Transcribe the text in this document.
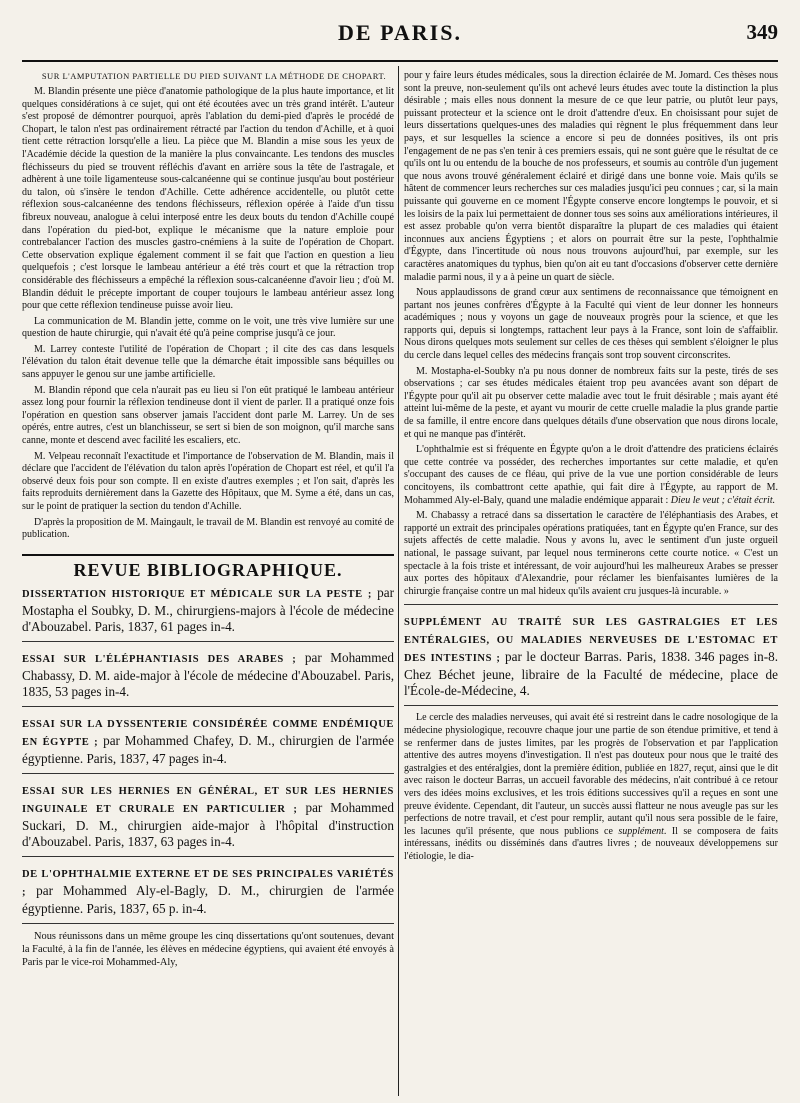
DE PARIS.	349

SUR L'AMPUTATION PARTIELLE DU PIED SUIVANT LA MÉTHODE DE CHOPART.

M. Blandin présente une pièce d'anatomie pathologique de la plus haute importance, et lit quelques considérations à ce sujet, qui ont été écoutées avec un très grand intérêt. L'auteur s'est proposé de démontrer pourquoi, après l'ablation du demi-pied d'après le procédé de Chopart, le talon n'est pas ordinairement rétracté par l'action du tendon d'Achille, et à quoi tient cette rétraction lorsqu'elle a lieu. La pièce que M. Blandin a mise sous les yeux de l'Académie décide la question de la manière la plus convaincante. Les tendons des muscles fléchisseurs du pied se trouvent réfléchis d'avant en arrière sous la tête de l'astragale, et adhèrent à une toile ligamenteuse sous-calcanéenne qui se continue jusqu'au bout postérieur du talon, où s'insère le tendon d'Achille. Cette adhérence accidentelle, ou plutôt cette réflexion sous-calcanéenne des tendons fléchisseurs, réflexion opérée à l'aide d'un tissu fibreux nouveau, analogue à celui interposé entre les deux bouts du tendon d'Achille coupé dans l'opération du pied-bot, explique le mécanisme que la nature emploie pour contrebalancer l'action des muscles gastro-cnémiens à la suite de l'opération de Chopart. Cette observation explique également comment il se fait que l'action en question a lieu quelquefois ; c'est lorsque le lambeau antérieur a été très court et que la rétraction trop considérable des fléchisseurs a empêché la réflexion sous-calcanéenne d'avoir lieu ; d'où M. Blandin déduit le précepte important de couper toujours le lambeau antérieur assez long pour que cette réflexion tendineuse puisse avoir lieu.

La communication de M. Blandin jette, comme on le voit, une très vive lumière sur une question de haute chirurgie, qui n'avait été qu'à peine comprise jusqu'à ce jour.

M. Larrey conteste l'utilité de l'opération de Chopart ; il cite des cas dans lesquels l'élévation du talon était devenue telle que la démarche était impossible sans béquilles ou sans appuyer le genou sur une jambe artificielle.

M. Blandin répond que cela n'aurait pas eu lieu si l'on eût pratiqué le lambeau antérieur assez long pour fournir la réflexion tendineuse dont il vient de parler. Il a pratiqué onze fois l'opération en question sans observer jamais l'accident dont parle M. Larrey. Un de ses opérés, entre autres, c'est un blanchisseur, se sert si bien de son moignon, qu'il marche sans canne, monte et descend avec facilité les escaliers, etc.

M. Velpeau reconnaît l'exactitude et l'importance de l'observation de M. Blandin, mais il déclare que l'accident de l'élévation du talon après l'opération de Chopart est réel, et qu'il l'a observé deux fois pour son compte. Il en existe d'autres exemples ; et l'on sait, d'après les faits reproduits dernièrement dans la Gazette des Hôpitaux, que M. Syme a été, dans un cas, sur le point de pratiquer la section du tendon d'Achille.

D'après la proposition de M. Maingault, le travail de M. Blandin est renvoyé au comité de publication.

REVUE BIBLIOGRAPHIQUE.
DISSERTATION HISTORIQUE ET MÉDICALE SUR LA PESTE ; par Mostapha el Soubky, D. M., chirurgiens-majors à l'école de médecine d'Abouzabel. Paris, 1837, 61 pages in-4.
ESSAI SUR L'ÉLÉPHANTIASIS DES ARABES ; par Mohammed Chabassy, D. M. aide-major à l'école de médecine d'Abouzabel. Paris, 1835, 53 pages in-4.
ESSAI SUR LA DYSSENTERIE CONSIDÉRÉE COMME ENDÉMIQUE EN ÉGYPTE ; par Mohammed Chafey, D. M., chirurgien de l'armée égyptienne. Paris, 1837, 47 pages in-4.
ESSAI SUR LES HERNIES EN GÉNÉRAL, ET SUR LES HERNIES INGUINALE ET CRURALE EN PARTICULIER ; par Mohammed Suckari, D. M., chirurgien aide-major à l'hôpital d'instruction d'Abouzabel. Paris, 1837, 63 pages in-4.
DE L'OPHTHALMIE EXTERNE ET DE SES PRINCIPALES VARIÉTÉS ; par Mohammed Aly-el-Bagly, D. M., chirurgien de l'armée égyptienne. Paris, 1837, 65 p. in-4.

Nous réunissons dans un même groupe les cinq dissertations qu'ont soutenues, devant la Faculté, à la fin de l'année, les élèves en médecine égyptiens, qui avaient été envoyés à Paris par le vice-roi Mohammed-Aly,

pour y faire leurs études médicales, sous la direction éclairée de M. Jomard. Ces thèses nous sont la preuve, non-seulement qu'ils ont achevé leurs études avec toute la distinction la plus désirable ; mais elles nous donnent la mesure de ce que leur patrie, ou plutôt leur pays, puissant protecteur et la science ont le droit d'attendre d'eux. En choisissant pour sujet de leurs dissertations quelques-unes des maladies qui règnent le plus fréquemment dans leur pays, et sur lesquelles la science a encore si peu de données positives, ils ont pris l'engagement de ne pas s'en tenir à ces premiers essais, qui ne sont guère que le résultat de ce qu'ils ont lu ou entendu de la bouche de nos professeurs, et soumis au contrôle d'un jugement que nous avons trouvé généralement éclairé et dirigé dans une bonne voie. Mais qu'ils se hâtent de commencer leurs recherches sur ces maladies jusqu'ici peu connues ; car, si la main puissante qui gouverne en ce moment l'Égypte conserve encore longtemps le pouvoir, et si les loisirs de la paix lui permettaient de donner tous ses soins aux améliorations intérieures, il est assez probable qu'on verra bientôt disparaître la plupart de ces maladies qui étaient inconnues aux anciens Égyptiens ; et alors on pourrait être sur la peste, l'ophthalmie d'Égypte, dans l'incertitude où nous nous trouvons aujourd'hui, par exemple, sur les caractères anatomiques du typhus, bien qu'on ait eu tant d'occasions d'observer cette dernière maladie parmi nous, il y a à peine un quart de siècle.

Nous applaudissons de grand cœur aux sentimens de reconnaissance que témoignent en partant nos jeunes confrères d'Égypte à la Faculté qui vient de leur donner les honneurs académiques ; nous y voyons un gage de nouveaux progrès pour la science, et que les rapports qui, depuis si longtemps, rattachent leur pays à la France, sont loin de s'affaiblir. Nous dirons quelques mots seulement sur celles de ces thèses qui semblent s'éloigner le plus du cercle dans lequel celles des médecins français sont trop souvent circonscrites.

M. Mostapha-el-Soubky n'a pu nous donner de nombreux faits sur la peste, tirés de ses observations ; car ses études médicales étaient trop peu avancées avant son départ de l'Égypte pour qu'il ait pu observer cette maladie avec tout le fruit désirable ; mais ayant été atteint lui-même de la peste, et ayant vu mourir de cette cruelle maladie la plus grande partie de sa famille, il entre encore dans quelques détails d'une observation que nous dirons locale, et qui ne manque pas d'intérêt.

L'ophthalmie est si fréquente en Égypte qu'on a le droit d'attendre des praticiens éclairés que cette contrée va posséder, des recherches importantes sur cette maladie, et qu'en s'occupant des causes de ce fléau, qui prive de la vue une portion considérable de leurs concitoyens, ils combattront cette apathie, qui fait dire à l'Égypte, au rapport de M. Mohammed Aly-el-Baly, quand une maladie endémique apparait : Dieu le veut ; c'était écrit.

M. Chabassy a retracé dans sa dissertation le caractère de l'éléphantiasis des Arabes, et rapporté un extrait des principales opérations pratiquées, tant en Égypte qu'en France, sur des sujets affectés de cette maladie. Nous y avons lu, avec le sentiment d'un juste orgueil national, le passage suivant, par lequel nous terminerons cette courte notice. « C'est un spectacle à la fois triste et intéressant, de voir aujourd'hui les malheureux Arabes se presser aux portes des hôpitaux d'Alexandrie, pour réclamer les bienfaisantes lumières de la chirurgie française contre un mal hideux qu'ils avaient cru jusques-là incurable. »

SUPPLÉMENT AU TRAITÉ SUR LES GASTRALGIES ET LES ENTÉRALGIES, OU MALADIES NERVEUSES DE L'ESTOMAC ET DES INTESTINS ; par le docteur Barras. Paris, 1838. 346 pages in-8. Chez Béchet jeune, libraire de la Faculté de médecine, place de l'École-de-Médecine, 4.

Le cercle des maladies nerveuses, qui avait été si restreint dans le cadre nosologique de la médecine physiologique, recouvre chaque jour une partie de son étendue primitive, et tend à se renfermer dans de justes limites, par les progrès de l'observation et par l'application attentive des autres moyens d'investigation. Il n'est pas douteux pour nous que le traité des gastralgies et des entéralgies, dont la première édition, publiée en 1827, reçut, ainsi que le dit avec raison le docteur Barras, un accueil favorable des médecins, n'ait contribué à ce retour vers des idées moins exclusives, et les trois éditions successives qu'il a reçues en sont une preuve évidente. Cependant, dit l'auteur, un succès aussi flatteur ne nous aveugle pas sur les perfections de notre travail, et c'est pour remplir, autant qu'il nous sera possible de le faire, les lacunes qu'il présente, que nous publions ce supplément. Il se composera de faits intéressans, inédits ou disséminés dans d'autres livres ; de nouveaux développemens sur l'étiologie, le dia-
